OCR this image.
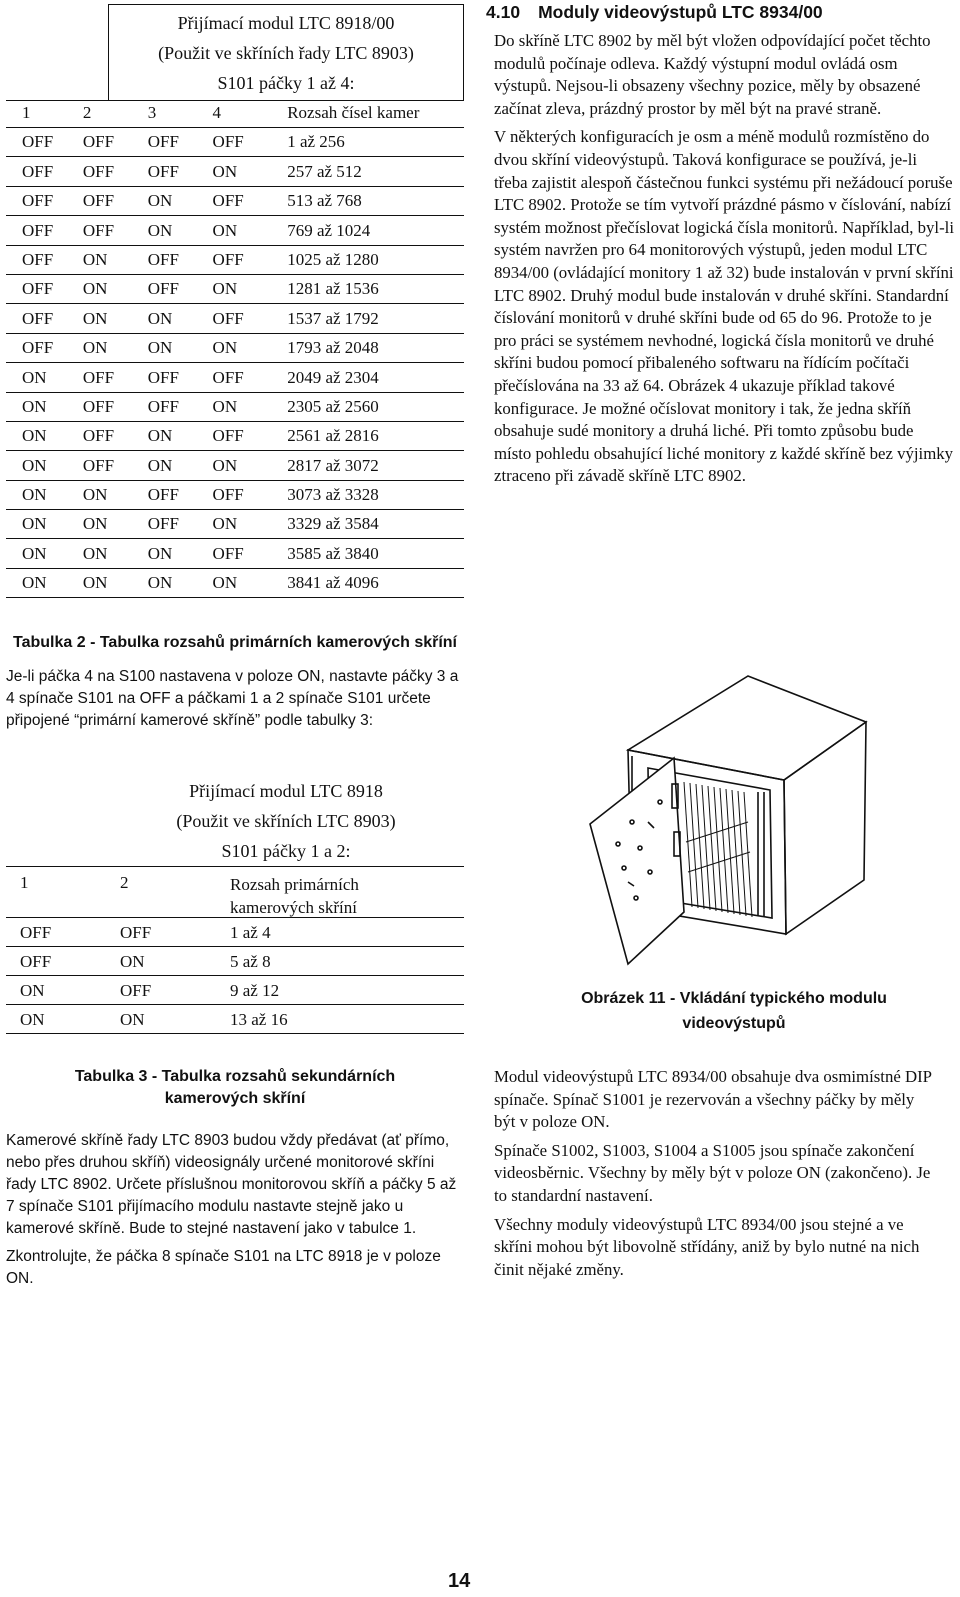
Přijímací modul LTC 8918/00
(Použit ve skříních řady LTC 8903)
S101 páčky 1 až 4:
1	2	3	4	Rozsah čísel kamer
OFF	OFF	OFF	OFF	1 až 256
OFF	OFF	OFF	ON	257 až 512
OFF	OFF	ON	OFF	513 až 768
OFF	OFF	ON	ON	769 až 1024
OFF	ON	OFF	OFF	1025 až 1280
OFF	ON	OFF	ON	1281 až 1536
OFF	ON	ON	OFF	1537 až 1792
OFF	ON	ON	ON	1793 až 2048
ON	OFF	OFF	OFF	2049 až 2304
ON	OFF	OFF	ON	2305 až 2560
ON	OFF	ON	OFF	2561 až 2816
ON	OFF	ON	ON	2817 až 3072
ON	ON	OFF	OFF	3073 až 3328
ON	ON	OFF	ON	3329 až 3584
ON	ON	ON	OFF	3585 až 3840
ON	ON	ON	ON	3841 až 4096
Tabulka 2 - Tabulka rozsahů primárních kamerových skříní

Je-li páčka 4 na S100 nastavena v poloze ON, nastavte páčky 3 a 4 spínače S101 na OFF a páčkami 1 a 2 spínače S101 určete připojené “primární kamerové skříně” podle tabulky 3:

Přijímací modul LTC 8918
(Použit ve skříních LTC 8903)
S101 páčky 1 a 2:
1	2	Rozsah primárních kamerových skříní
OFF	OFF	1 až 4
OFF	ON	5 až 8
ON	OFF	9 až 12
ON	ON	13 až 16
Tabulka 3 - Tabulka rozsahů sekundárních kamerových skříní

Kamerové skříně řady LTC 8903 budou vždy předávat (ať přímo, nebo přes druhou skříň) videosignály určené monitorové skříni řady LTC 8902. Určete příslušnou monitorovou skříň a páčky 5 až 7 spínače S101 přijímacího modulu nastavte stejně jako u kamerové skříně. Bude to stejné nastavení jako v tabulce 1.

Zkontrolujte, že páčka 8 spínače S101 na LTC 8918 je v poloze ON.

4.10 Moduly videovýstupů LTC 8934/00

Do skříně LTC 8902 by měl být vložen odpovídající počet těchto modulů počínaje odleva. Každý výstupní modul ovládá osm výstupů. Nejsou-li obsazeny všechny pozice, měly by obsazené začínat zleva, prázdný prostor by měl být na pravé straně.

V některých konfiguracích je osm a méně modulů rozmístěno do dvou skříní videovýstupů. Taková konfigurace se používá, je-li třeba zajistit alespoň částečnou funkci systému při nežádoucí poruše LTC 8902. Protože se tím vytvoří prázdné pásmo v číslování, nabízí systém možnost přečíslovat logická čísla monitorů. Například, byl-li systém navržen pro 64 monitorových výstupů, jeden modul LTC 8934/00 (ovládající monitory 1 až 32) bude instalován v první skříni LTC 8902. Druhý modul bude instalován v druhé skříni. Standardní číslování monitorů v druhé skříni bude od 65 do 96. Protože to je pro práci se systémem nevhodné, logická čísla monitorů ve druhé skříni budou pomocí přibaleného softwaru na řídícím počítači přečíslována na 33 až 64. Obrázek 4 ukazuje příklad takové konfigurace. Je možné očíslovat monitory i tak, že jedna skříň obsahuje sudé monitory a druhá liché. Při tomto způsobu bude místo pohledu obsahující liché monitory z každé skříně bez výjimky ztraceno při závadě skříně LTC 8902.

Obrázek 11 - Vkládání typického modulu videovýstupů

Modul videovýstupů LTC 8934/00 obsahuje dva osmimístné DIP spínače. Spínač S1001 je rezervován a všechny páčky by měly být v poloze ON.

Spínače S1002, S1003, S1004 a S1005 jsou spínače zakončení videosběrnic. Všechny by měly být v poloze ON (zakončeno). Je to standardní nastavení.

Všechny moduly videovýstupů LTC 8934/00 jsou stejné a ve skříni mohou být libovolně střídány, aniž by bylo nutné na nich činit nějaké změny.

14
